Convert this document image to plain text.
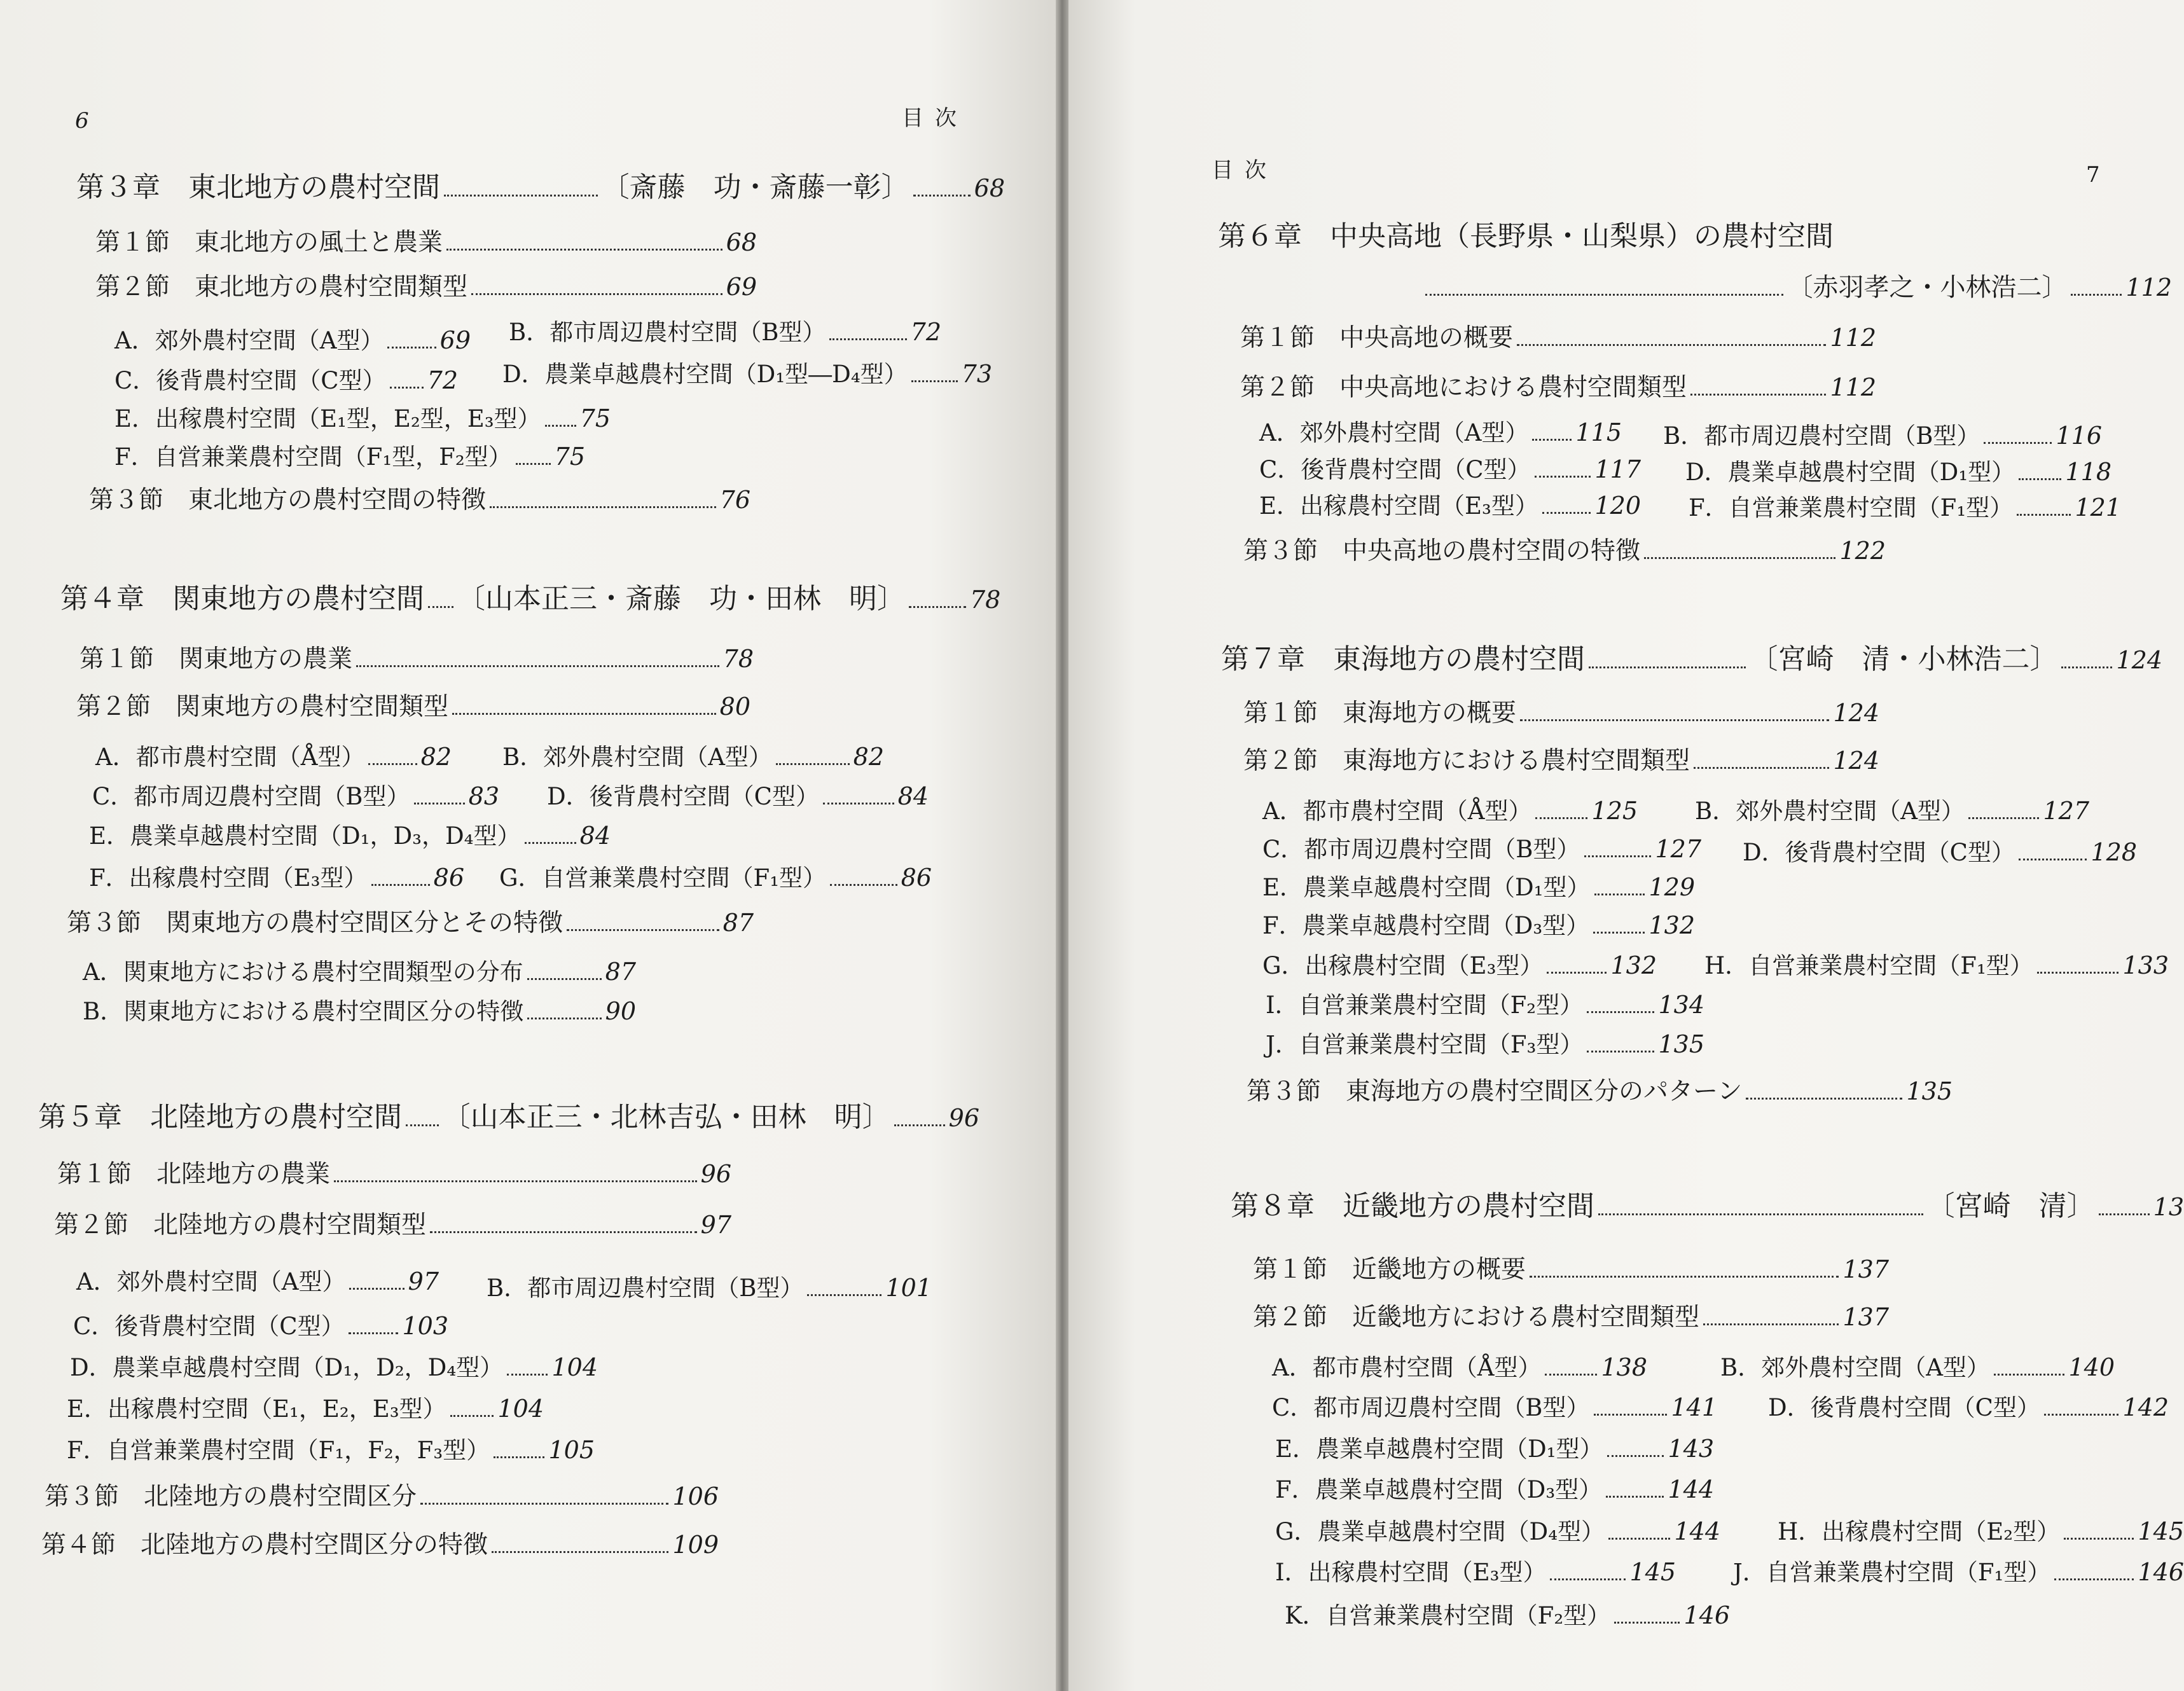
6	目次
第３章　東北地方の農村空間	〔斎藤　功・斎藤一彰〕	68
第１節　東北地方の風土と農業	68
第２節　東北地方の農村空間類型	69
A．郊外農村空間（A型） 69 B．都市周辺農村空間（B型）	72
C．後背農村空間（C型） 72 D．農業卓越農村空間（D₁型―D₄型） 73
E．出稼農村空間（E₁型，E₂型，E₃型） 75
F．自営兼業農村空間（F₁型，F₂型） 75
第３節　東北地方の農村空間の特徴	76
第４章　関東地方の農村空間 〔山本正三・斎藤　功・田林　明〕	78
第１節　関東地方の農業	78
第２節　関東地方の農村空間類型	80
A．都市農村空間（Å型） 82 B．郊外農村空間（A型）	82
C．都市周辺農村空間（B型） 83 D．後背農村空間（C型）	84
E．農業卓越農村空間（D₁，D₃，D₄型） 84
F．出稼農村空間（E₃型）	86 G．自営兼業農村空間（F₁型）	86
第３節　関東地方の農村空間区分とその特徴	87
A．関東地方における農村空間類型の分布	87
B．関東地方における農村空間区分の特徴	90
第５章　北陸地方の農村空間 〔山本正三・北林吉弘・田林　明〕 96
第１節　北陸地方の農業	96
第２節　北陸地方の農村空間類型	97
A．郊外農村空間（A型）	97 B．都市周辺農村空間（B型）	101
C．後背農村空間（C型） 103
D．農業卓越農村空間（D₁，D₂，D₄型） 104
E．出稼農村空間（E₁，E₂，E₃型） 104
F．自営兼業農村空間（F₁，F₂，F₃型） 105
第３節　北陸地方の農村空間区分	106
第４節　北陸地方の農村空間区分の特徴	109
目次	7
第６章　中央高地（長野県・山梨県）の農村空間
〔赤羽孝之・小林浩二〕 112
第１節　中央高地の概要	112
第２節　中央高地における農村空間類型	112
A．郊外農村空間（A型） 115 B．都市周辺農村空間（B型）	116
C．後背農村空間（C型）	117 D．農業卓越農村空間（D₁型） 118
E．出稼農村空間（E₃型） 120 F．自営兼業農村空間（F₁型）	121
第３節　中央高地の農村空間の特徴	122
第７章　東海地方の農村空間	〔宮崎　清・小林浩二〕 124
第１節　東海地方の概要	124
第２節　東海地方における農村空間類型	124
A．都市農村空間（Å型） 125 B．郊外農村空間（A型）	127
C．都市周辺農村空間（B型）	127 D．後背農村空間（C型）	128
E．農業卓越農村空間（D₁型） 129
F．農業卓越農村空間（D₃型） 132
G．出稼農村空間（E₃型）	132 H．自営兼業農村空間（F₁型）	133
I．自営兼業農村空間（F₂型）	134
J．自営兼業農村空間（F₃型）	135
第３節　東海地方の農村空間区分のパターン	135
第８章　近畿地方の農村空間	〔宮崎　清〕 13
第１節　近畿地方の概要	137
第２節　近畿地方における農村空間類型	137
A．都市農村空間（Å型） 138	B．郊外農村空間（A型）	140
C．都市周辺農村空間（B型）	141 D．後背農村空間（C型）	142
E．農業卓越農村空間（D₁型）	143
F．農業卓越農村空間（D₃型）	144
G．農業卓越農村空間（D₄型）	144 H．出稼農村空間（E₂型）	145
I．出稼農村空間（E₃型）	145 J．自営兼業農村空間（F₁型）	146
K．自営兼業農村空間（F₂型）	146
